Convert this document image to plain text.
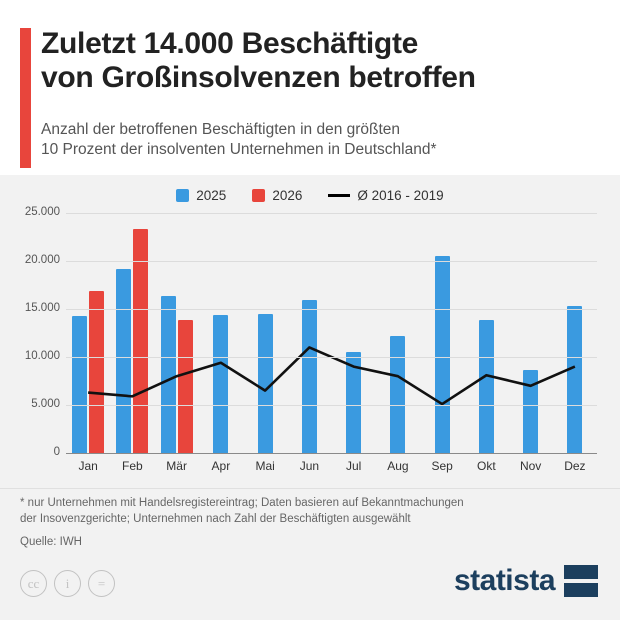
Zuletzt 14.000 Beschäftigte
von Großinsolvenzen betroffen
Anzahl der betroffenen Beschäftigten in den größten
10 Prozent der insolventen Unternehmen in Deutschland*
2025	2026	Ø 2016 - 2019
0
5.000
10.000
15.000
20.000
25.000
Jan	Feb	Mär	Apr	Mai	Jun	Jul	Aug	Sep	Okt	Nov	Dez
* nur Unternehmen mit Handelsregistereintrag; Daten basieren auf Bekanntmachungen
der Insovenzgerichte; Unternehmen nach Zahl der Beschäftigten ausgewählt
Quelle: IWH
cc	i	=	statista
